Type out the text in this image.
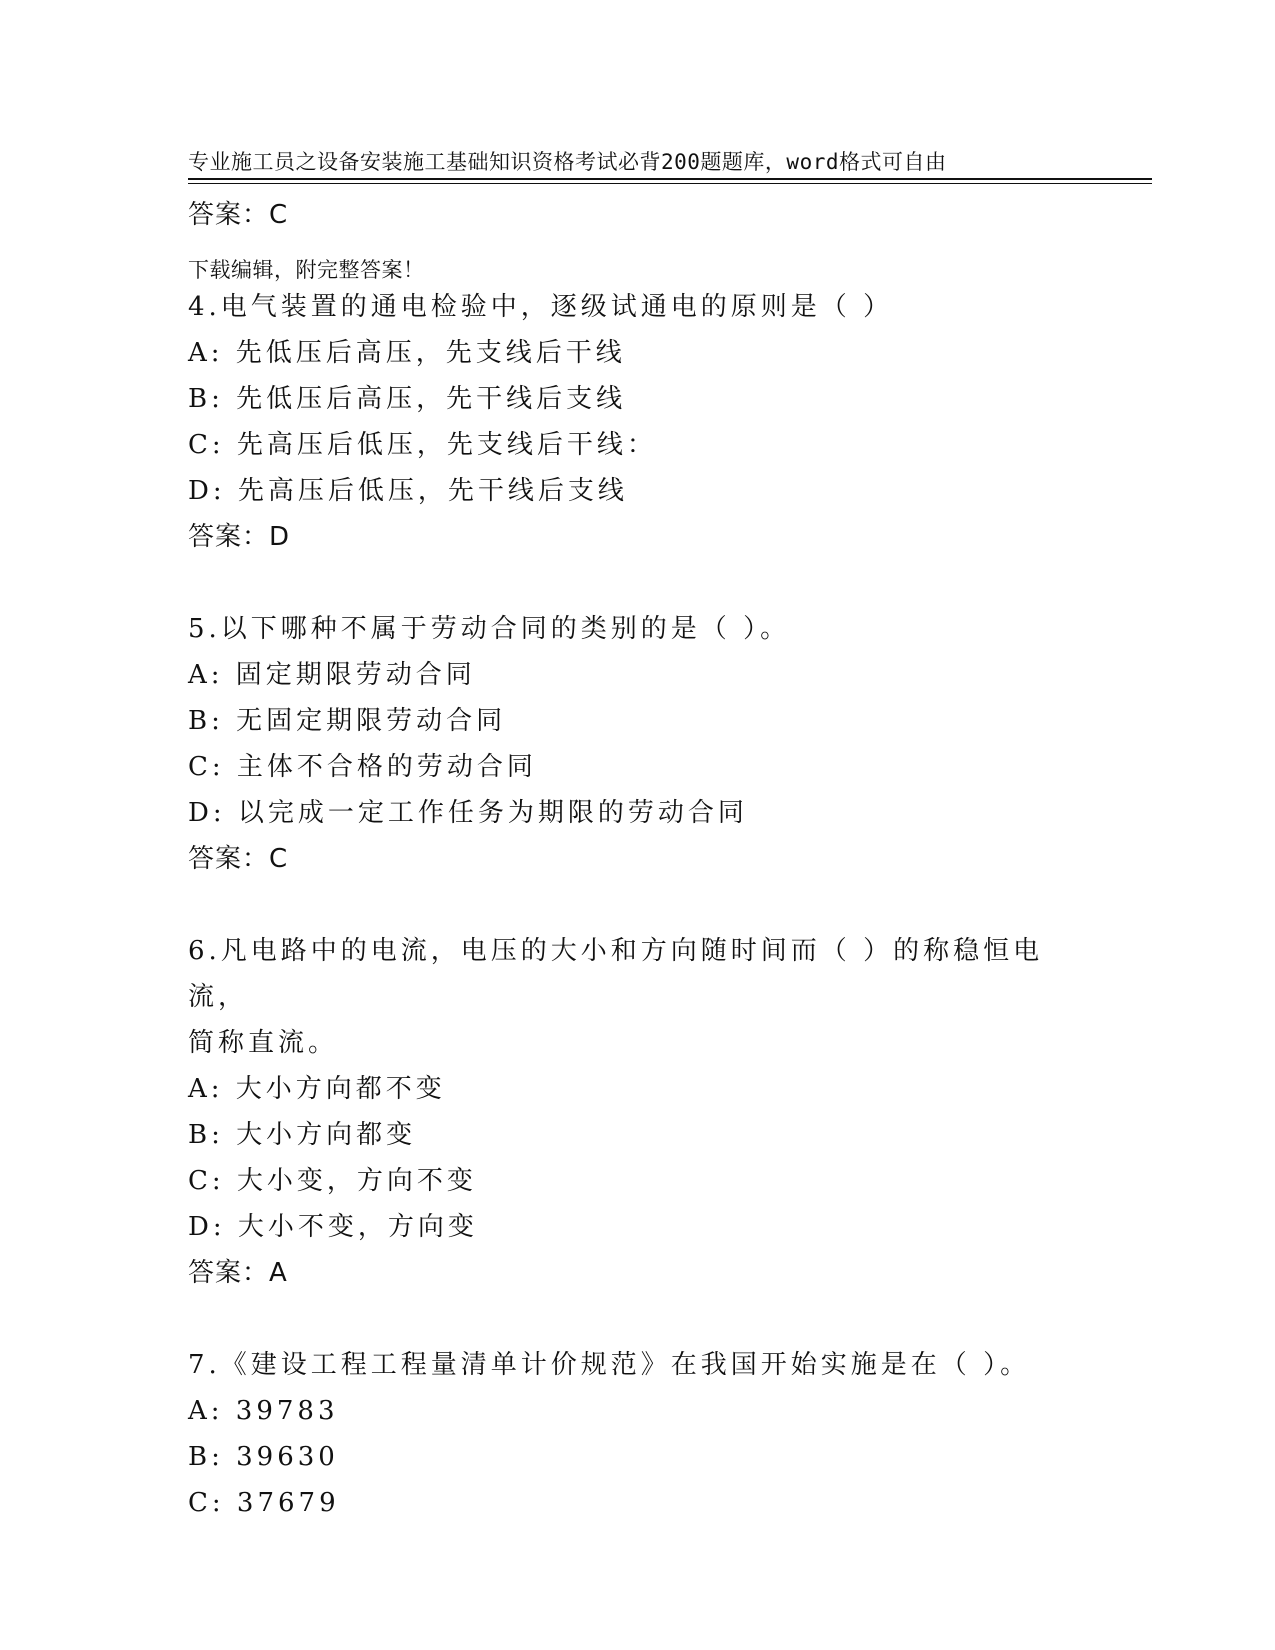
专业施工员之设备安装施工基础知识资格考试必背200题题库，word格式可自由

下载编辑，附完整答案！

答案：C
4.电气装置的通电检验中，逐级试通电的原则是（ ）
A: 先低压后高压，先支线后干线
B: 先低压后高压，先干线后支线
C: 先高压后低压，先支线后干线：
D: 先高压后低压，先干线后支线
答案：D
5.以下哪种不属于劳动合同的类别的是（ ）。
A: 固定期限劳动合同
B: 无固定期限劳动合同
C: 主体不合格的劳动合同
D: 以完成一定工作任务为期限的劳动合同
答案：C
6.凡电路中的电流，电压的大小和方向随时间而（ ）的称稳恒电流，
简称直流。
A: 大小方向都不变
B: 大小方向都变
C: 大小变，方向不变
D: 大小不变，方向变
答案：A
7.《建设工程工程量清单计价规范》在我国开始实施是在（ ）。
A: 39783
B: 39630
C: 37679
